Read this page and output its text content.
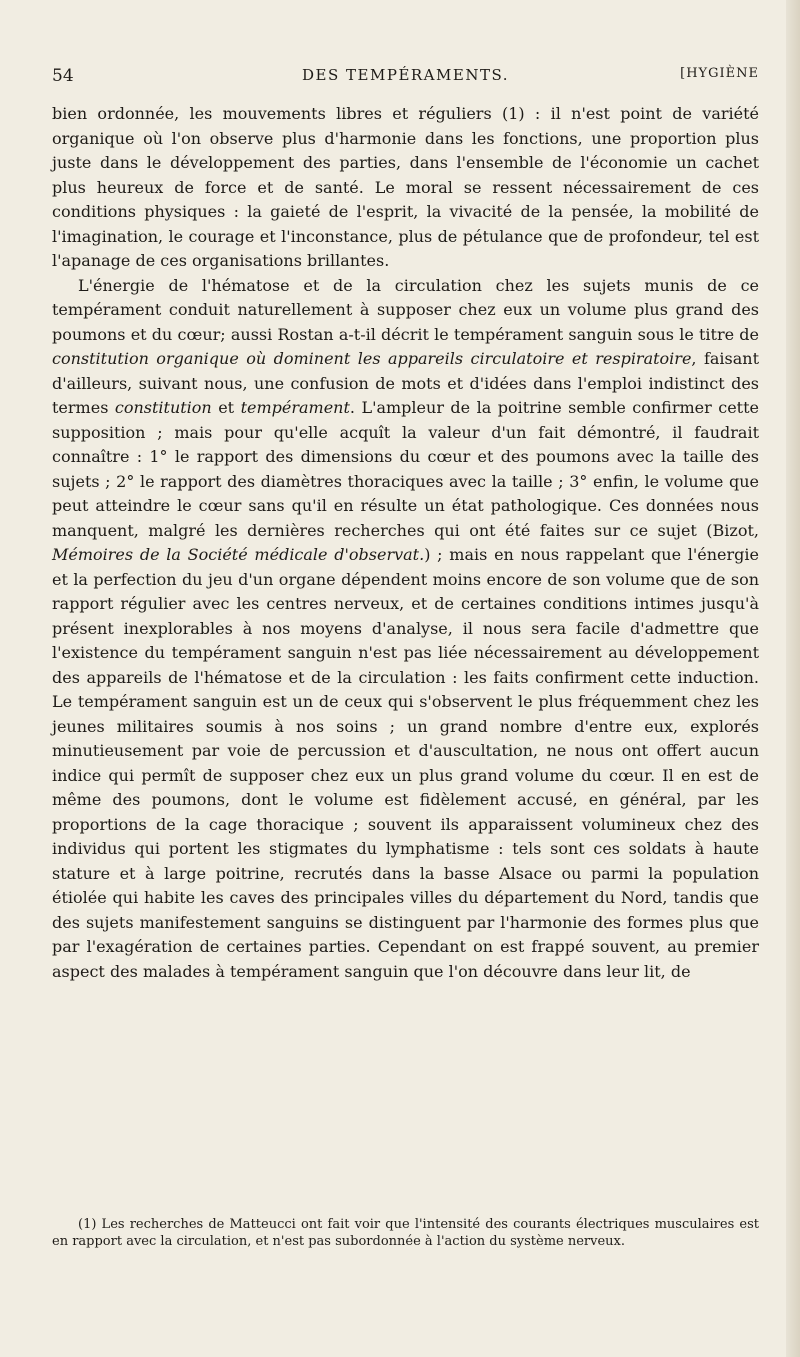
54	DES TEMPÉRAMENTS.	[HYGIÈNE

bien ordonnée, les mouvements libres et réguliers (1) : il n'est point de variété organique où l'on observe plus d'harmonie dans les fonctions, une proportion plus juste dans le développement des parties, dans l'ensemble de l'économie un cachet plus heureux de force et de santé. Le moral se ressent nécessairement de ces conditions physiques : la gaieté de l'esprit, la vivacité de la pensée, la mobilité de l'imagination, le courage et l'inconstance, plus de pétulance que de profondeur, tel est l'apanage de ces organisations brillantes.

L'énergie de l'hématose et de la circulation chez les sujets munis de ce tempérament conduit naturellement à supposer chez eux un volume plus grand des poumons et du cœur; aussi Rostan a-t-il décrit le tempérament sanguin sous le titre de constitution organique où dominent les appareils circulatoire et respiratoire, faisant d'ailleurs, suivant nous, une confusion de mots et d'idées dans l'emploi indistinct des termes constitution et tempérament. L'ampleur de la poitrine semble confirmer cette supposition ; mais pour qu'elle acquît la valeur d'un fait démontré, il faudrait connaître : 1° le rapport des dimensions du cœur et des poumons avec la taille des sujets ; 2° le rapport des diamètres thoraciques avec la taille ; 3° enfin, le volume que peut atteindre le cœur sans qu'il en résulte un état pathologique. Ces données nous manquent, malgré les dernières recherches qui ont été faites sur ce sujet (Bizot, Mémoires de la Société médicale d'observat.) ; mais en nous rappelant que l'énergie et la perfection du jeu d'un organe dépendent moins encore de son volume que de son rapport régulier avec les centres nerveux, et de certaines conditions intimes jusqu'à présent inexplorables à nos moyens d'analyse, il nous sera facile d'admettre que l'existence du tempérament sanguin n'est pas liée nécessairement au développement des appareils de l'hématose et de la circulation : les faits confirment cette induction. Le tempérament sanguin est un de ceux qui s'observent le plus fréquemment chez les jeunes militaires soumis à nos soins ; un grand nombre d'entre eux, explorés minutieusement par voie de percussion et d'auscultation, ne nous ont offert aucun indice qui permît de supposer chez eux un plus grand volume du cœur. Il en est de même des poumons, dont le volume est fidèlement accusé, en général, par les proportions de la cage thoracique ; souvent ils apparaissent volumineux chez des individus qui portent les stigmates du lymphatisme : tels sont ces soldats à haute stature et à large poitrine, recrutés dans la basse Alsace ou parmi la population étiolée qui habite les caves des principales villes du département du Nord, tandis que des sujets manifestement sanguins se distinguent par l'harmonie des formes plus que par l'exagération de certaines parties. Cependant on est frappé souvent, au premier aspect des malades à tempérament sanguin que l'on découvre dans leur lit, de

(1) Les recherches de Matteucci ont fait voir que l'intensité des courants électriques musculaires est en rapport avec la circulation, et n'est pas subordonnée à l'action du système nerveux.
